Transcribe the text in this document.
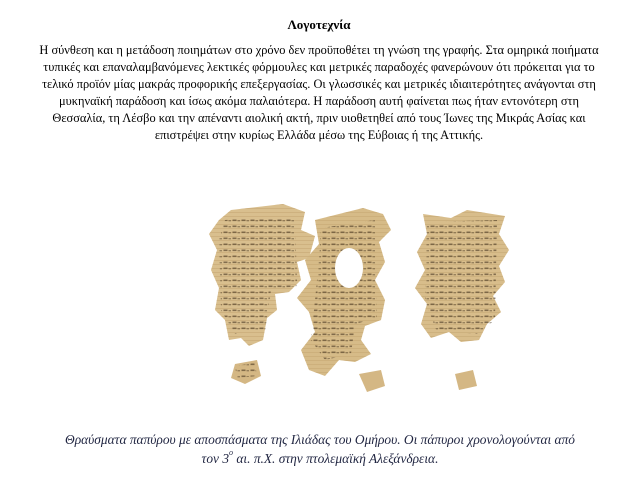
Λογοτεχνία
Η σύνθεση και η μετάδοση ποιημάτων στο χρόνο δεν προϋποθέτει τη γνώση της γραφής. Στα ομηρικά ποιήματα τυπικές και επαναλαμβανόμενες λεκτικές φόρμουλες και μετρικές παραδοχές φανερώνουν ότι πρόκειται για το τελικό προϊόν μίας μακράς προφορικής επεξεργασίας. Οι γλωσσικές και μετρικές ιδιαιτερότητες ανάγονται στη μυκηναϊκή παράδοση και ίσως ακόμα παλαιότερα. Η παράδοση αυτή φαίνεται πως ήταν εντονότερη στη Θεσσαλία, τη Λέσβο και την απέναντι αιολική ακτή, πριν υιοθετηθεί από τους Ίωνες της Μικράς Ασίας και επιστρέψει στην κυρίως Ελλάδα μέσω της Εύβοιας ή της Αττικής.
Θραύσματα παπύρου με αποσπάσματα της Ιλιάδας του Ομήρου. Οι πάπυροι χρονολογούνται από τον $3^o$ αι. π.Χ. στην πτολεμαϊκή Αλεξάνδρεια.
